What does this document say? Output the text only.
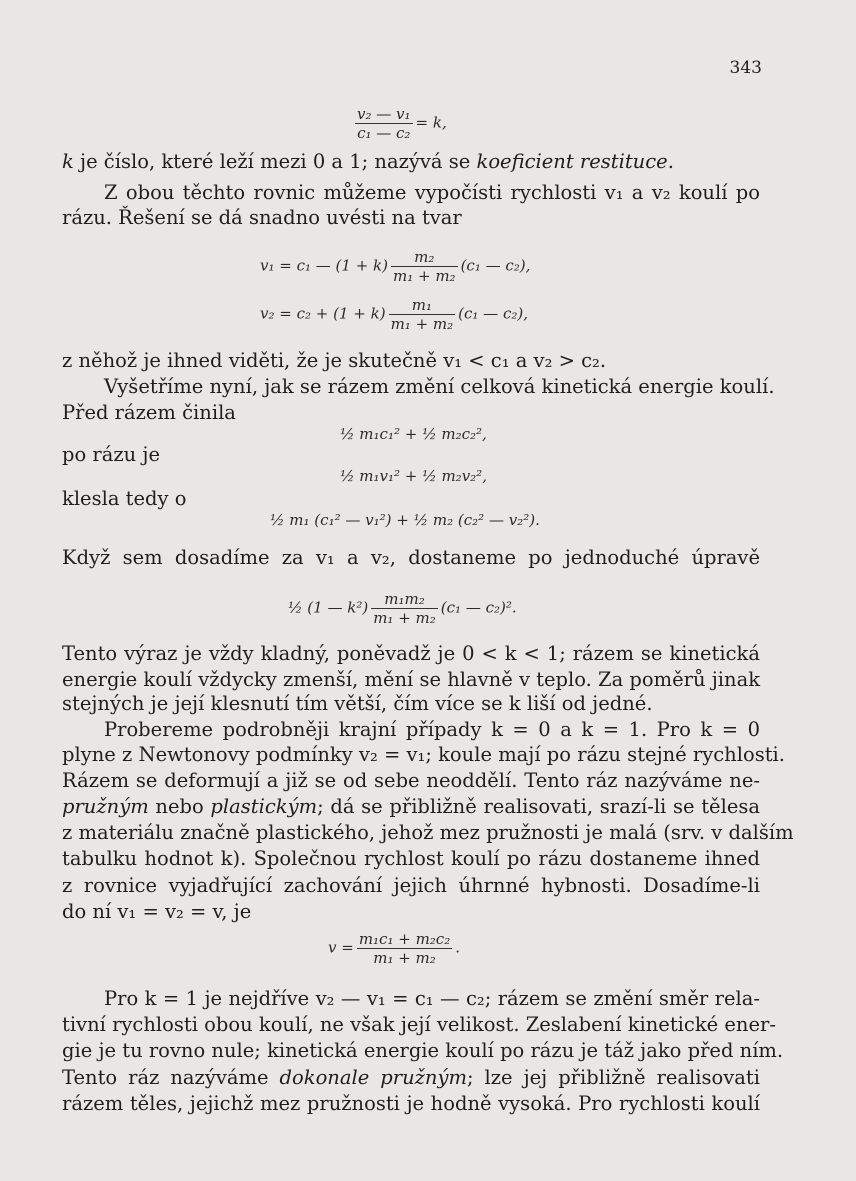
343
$\frac{\text{v₂ — v₁}}{\text{c₁ — c₂}} = k$,
k je číslo, které leží mezi 0 a 1; nazývá se koeficient restituce.
Z obou těchto rovnic můžeme vypočísti rychlosti v₁ a v₂ koulí po
rázu. Řešení se dá snadno uvésti na tvar
v₁ = c₁ — $(1 + k) \frac{\text{m₂}}{\text{m₁ + m₂}} (c_1$ — c₂),
$v_2 = c_2 + (1 + k) \frac{\text{m₁}}{\text{m₁ + m₂}} (c_1$ — c₂),
z něhož je ihned viděti, že je skutečně v₁ < c₁ a v₂ > c₂.
Vyšetříme nyní, jak se rázem změní celková kinetická energie koulí.
Před rázem činila
½ m₁c₁² + ½ m₂c₂²,
po rázu je
½ m₁v₁² + ½ m₂v₂²,
klesla tedy o
½ m₁ (c₁² — v₁²) + ½ m₂ (c₂² — v₂²).
Když sem dosadíme za v₁ a v₂, dostaneme po jednoduché úpravě
½ (1 — $k^2) \frac{\text{m₁m₂}}{\text{m₁ + m₂}} (c_1$ — c₂)².
Tento výraz je vždy kladný, poněvadž je 0 < k < 1; rázem se kinetická
energie koulí vždycky zmenší, mění se hlavně v teplo. Za poměrů jinak
stejných je její klesnutí tím větší, čím více se k liší od jedné.
Probereme podrobněji krajní případy k = 0 a k = 1. Pro k = 0
plyne z Newtonovy podmínky v₂ = v₁; koule mají po rázu stejné rychlosti.
Rázem se deformují a již se od sebe neoddělí. Tento ráz nazýváme ne-
pružným nebo plastickým; dá se přibližně realisovati, srazí-li se tělesa
z materiálu značně plastického, jehož mez pružnosti je malá (srv. v dalším
tabulku hodnot k). Společnou rychlost koulí po rázu dostaneme ihned
z rovnice vyjadřující zachování jejich úhrnné hybnosti. Dosadíme-li
do ní v₁ = v₂ = v, je
$v = \frac{\text{m₁c₁ + m₂c₂}}{\text{m₁ + m₂}}$ .
Pro k = 1 je nejdříve v₂ — v₁ = c₁ — c₂; rázem se změní směr rela-
tivní rychlosti obou koulí, ne však její velikost. Zeslabení kinetické ener-
gie je tu rovno nule; kinetická energie koulí po rázu je táž jako před ním.
Tento ráz nazýváme dokonale pružným; lze jej přibližně realisovati
rázem těles, jejichž mez pružnosti je hodně vysoká. Pro rychlosti koulí
